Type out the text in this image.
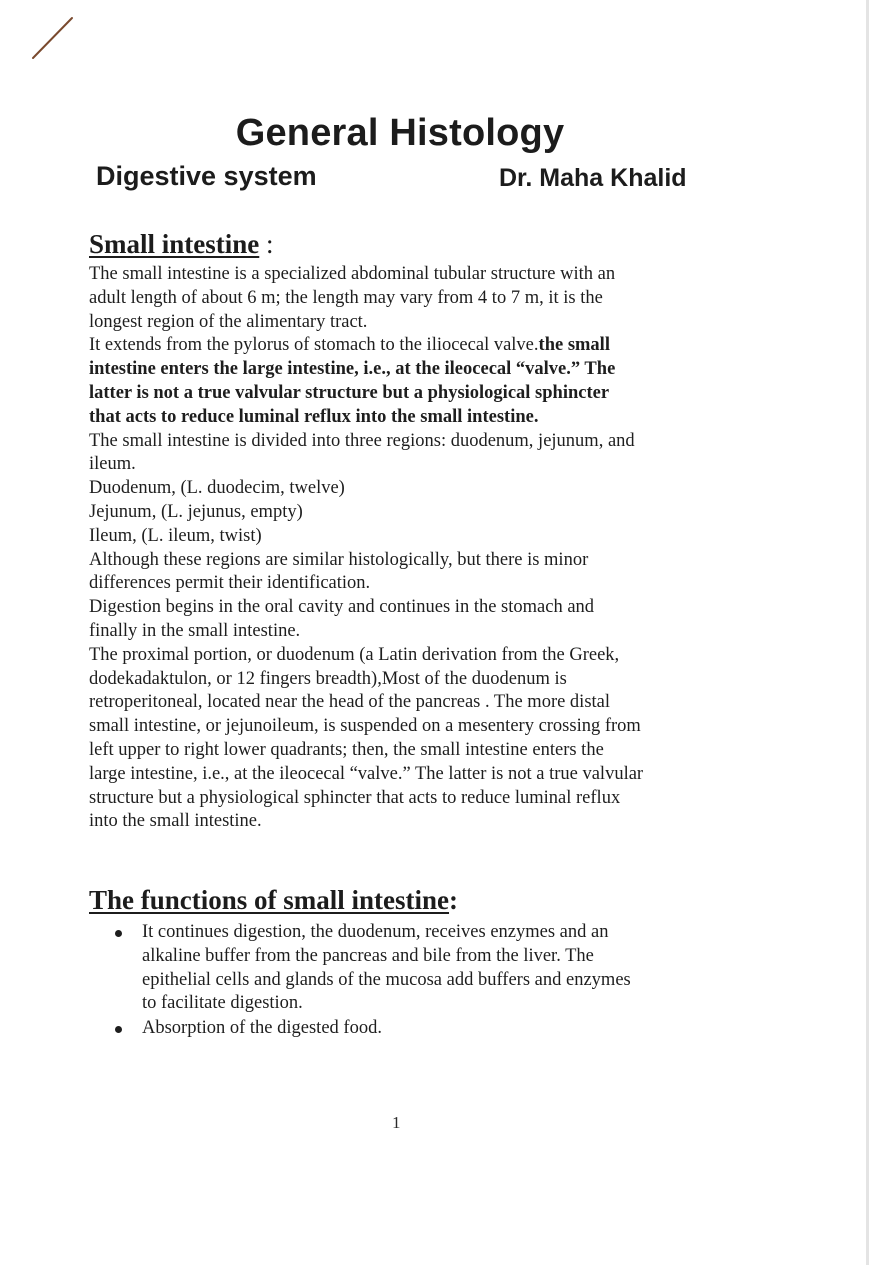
General Histology
Digestive system	Dr. Maha Khalid
Small intestine :

The small intestine is a specialized abdominal tubular structure with an
adult length of about 6 m; the length may vary from 4 to 7 m, it is the
longest region of the alimentary tract.

It extends from the pylorus of stomach to the iliocecal valve.the small
intestine enters the large intestine, i.e., at the ileocecal “valve.” The
latter is not a true valvular structure but a physiological sphincter
that acts to reduce luminal reflux into the small intestine.

The small intestine is divided into three regions: duodenum, jejunum, and
ileum.

Duodenum, (L. duodecim, twelve)
Jejunum, (L. jejunus, empty)
Ileum, (L. ileum, twist)

Although these regions are similar histologically, but there is minor
differences permit their identification.

Digestion begins in the oral cavity and continues in the stomach and
finally in the small intestine.

The proximal portion, or duodenum (a Latin derivation from the Greek,
dodekadaktulon, or 12 fingers breadth),Most of the duodenum is
retroperitoneal, located near the head of the pancreas . The more distal
small intestine, or jejunoileum, is suspended on a mesentery crossing from
left upper to right lower quadrants; then, the small intestine enters the
large intestine, i.e., at the ileocecal “valve.” The latter is not a true valvular
structure but a physiological sphincter that acts to reduce luminal reflux
into the small intestine.

The functions of small intestine:
It continues digestion, the duodenum, receives enzymes and an
alkaline buffer from the pancreas and bile from the liver. The
epithelial cells and glands of the mucosa add buffers and enzymes
to facilitate digestion.
Absorption of the digested food.
1
